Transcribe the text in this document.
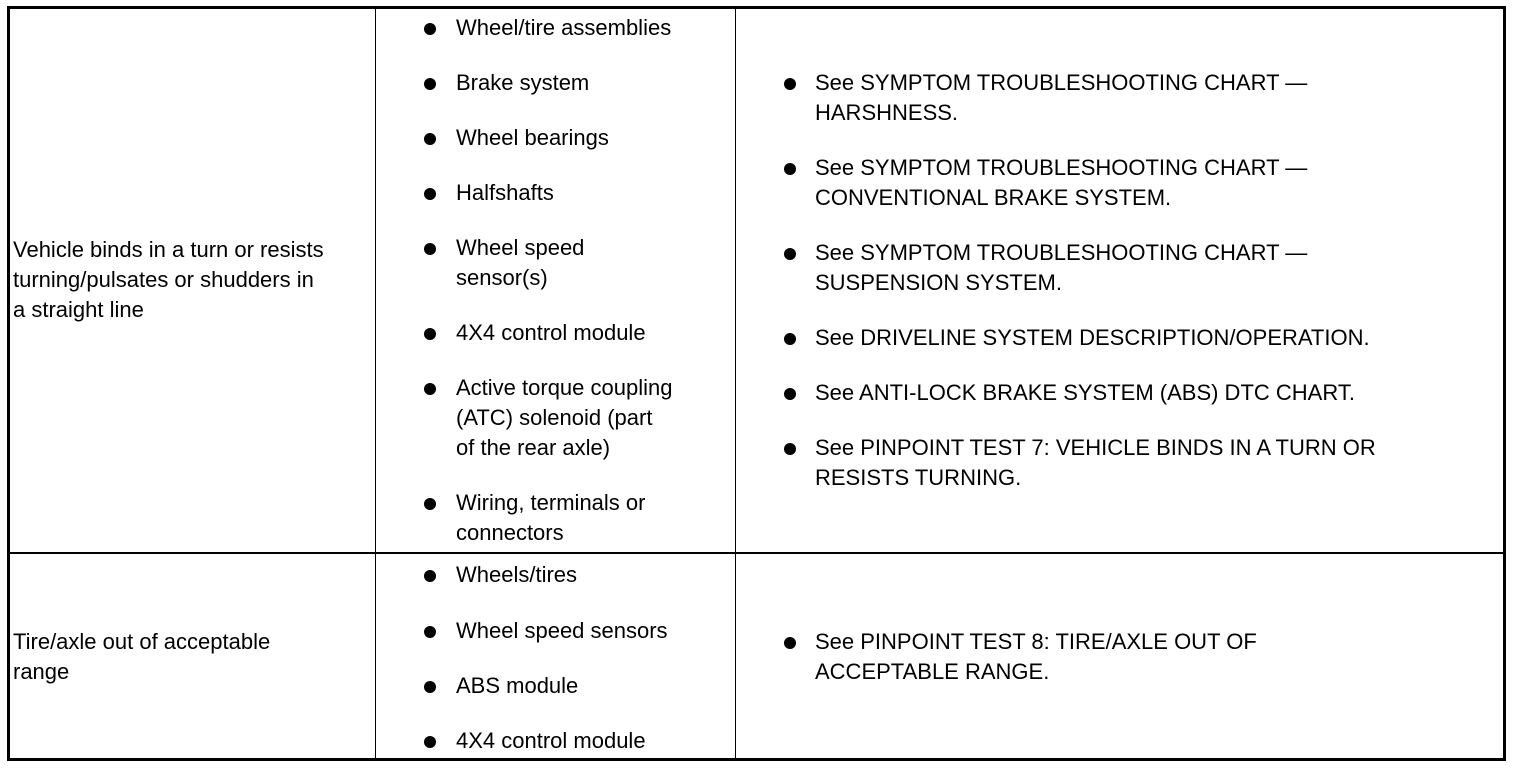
Vehicle binds in a turn or resists
turning/pulsates or shudders in
a straight line
Wheel/tire assemblies
Brake system
Wheel bearings
Halfshafts
Wheel speed
sensor(s)
4X4 control module
Active torque coupling
(ATC) solenoid (part
of the rear axle)
Wiring, terminals or
connectors
See SYMPTOM TROUBLESHOOTING CHART —
HARSHNESS.
See SYMPTOM TROUBLESHOOTING CHART —
CONVENTIONAL BRAKE SYSTEM.
See SYMPTOM TROUBLESHOOTING CHART —
SUSPENSION SYSTEM.
See DRIVELINE SYSTEM DESCRIPTION/OPERATION.
See ANTI-LOCK BRAKE SYSTEM (ABS) DTC CHART.
See PINPOINT TEST 7: VEHICLE BINDS IN A TURN OR
RESISTS TURNING.
Tire/axle out of acceptable
range
Wheels/tires
Wheel speed sensors
ABS module
4X4 control module
See PINPOINT TEST 8: TIRE/AXLE OUT OF
ACCEPTABLE RANGE.
